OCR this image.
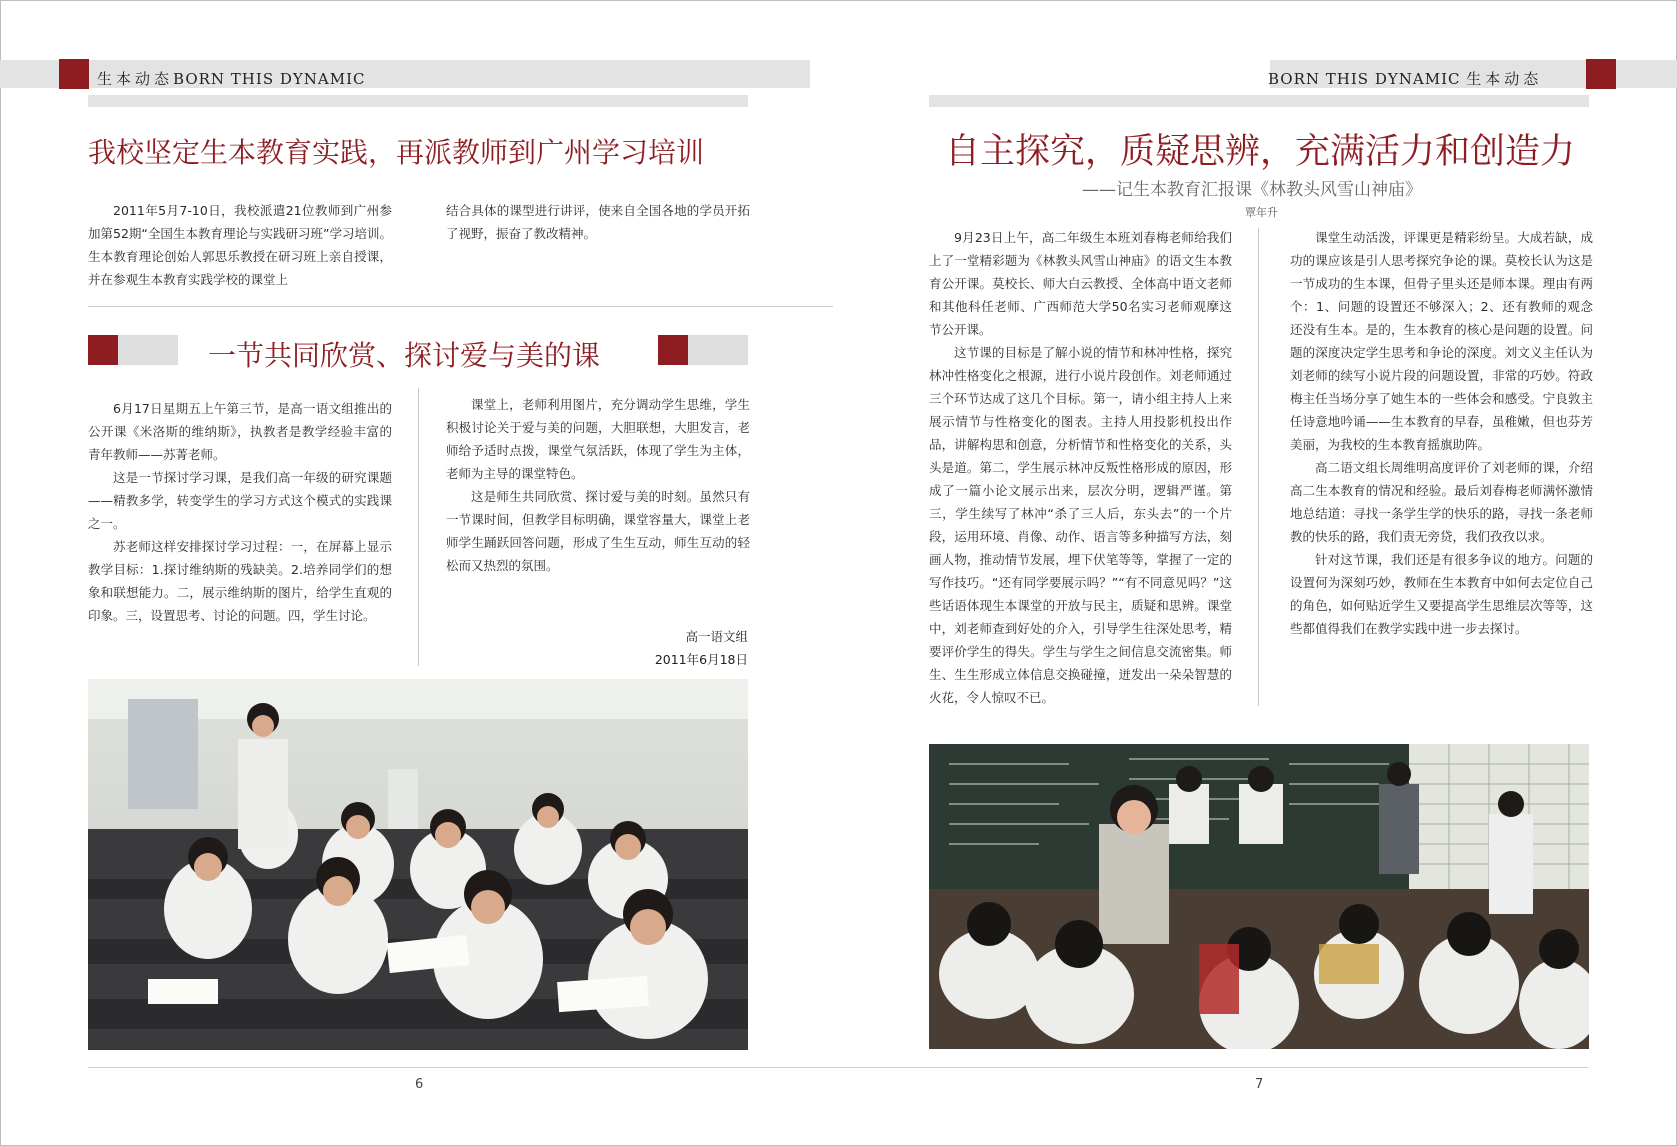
生本动态BORN THIS DYNAMIC	BORN THIS DYNAMIC 生本动态
我校坚定生本教育实践，再派教师到广州学习培训

2011年5月7-10日，我校派遣21位教师到广州参加第52期“全国生本教育理论与实践研习班”学习培训。生本教育理论创始人郭思乐教授在研习班上亲自授课，并在参观生本教育实践学校的课堂上

结合具体的课型进行讲评，使来自全国各地的学员开拓了视野，振奋了教改精神。

一节共同欣赏、探讨爱与美的课

6月17日星期五上午第三节，是高一语文组推出的公开课《米洛斯的维纳斯》，执教者是教学经验丰富的青年教师——苏菁老师。

这是一节探讨学习课，是我们高一年级的研究课题——精教多学，转变学生的学习方式这个模式的实践课之一。

苏老师这样安排探讨学习过程：一，在屏幕上显示教学目标：1.探讨维纳斯的残缺美。2.培养同学们的想象和联想能力。二，展示维纳斯的图片，给学生直观的印象。三，设置思考、讨论的问题。四，学生讨论。

课堂上，老师利用图片，充分调动学生思维，学生积极讨论关于爱与美的问题，大胆联想，大胆发言，老师给予适时点拨，课堂气氛活跃，体现了学生为主体，老师为主导的课堂特色。

这是师生共同欣赏、探讨爱与美的时刻。虽然只有一节课时间，但教学目标明确，课堂容量大，课堂上老师学生踊跃回答问题，形成了生生互动，师生互动的轻松而又热烈的氛围。

高一语文组
2011年6月18日
6
自主探究，质疑思辨，充满活力和创造力
——记生本教育汇报课《林教头风雪山神庙》
覃年升

9月23日上午，高二年级生本班刘春梅老师给我们上了一堂精彩题为《林教头风雪山神庙》的语文生本教育公开课。莫校长、师大白云教授、全体高中语文老师和其他科任老师、广西师范大学50名实习老师观摩这节公开课。

这节课的目标是了解小说的情节和林冲性格，探究林冲性格变化之根源，进行小说片段创作。刘老师通过三个环节达成了这几个目标。第一，请小组主持人上来展示情节与性格变化的图表。主持人用投影机投出作品，讲解构思和创意，分析情节和性格变化的关系，头头是道。第二，学生展示林冲反叛性格形成的原因，形成了一篇小论文展示出来，层次分明，逻辑严谨。第三，学生续写了林冲“杀了三人后，东头去”的一个片段，运用环境、肖像、动作、语言等多种描写方法，刻画人物，推动情节发展，埋下伏笔等等，掌握了一定的写作技巧。“还有同学要展示吗？”“有不同意见吗？”这些话语体现生本课堂的开放与民主，质疑和思辨。课堂中，刘老师查到好处的介入，引导学生往深处思考，精要评价学生的得失。学生与学生之间信息交流密集。师生、生生形成立体信息交换碰撞，迸发出一朵朵智慧的火花，令人惊叹不已。

课堂生动活泼，评课更是精彩纷呈。大成若缺，成功的课应该是引人思考探究争论的课。莫校长认为这是一节成功的生本课，但骨子里头还是师本课。理由有两个：1、问题的设置还不够深入；2、还有教师的观念还没有生本。是的，生本教育的核心是问题的设置。问题的深度决定学生思考和争论的深度。刘文义主任认为刘老师的续写小说片段的问题设置，非常的巧妙。符政梅主任当场分享了她生本的一些体会和感受。宁良敦主任诗意地吟诵——生本教育的早春，虽稚嫩，但也芬芳美丽，为我校的生本教育摇旗助阵。

高二语文组长周维明高度评价了刘老师的课，介绍高二生本教育的情况和经验。最后刘春梅老师满怀激情地总结道：寻找一条学生学的快乐的路，寻找一条老师教的快乐的路，我们责无旁贷，我们孜孜以求。

针对这节课，我们还是有很多争议的地方。问题的设置何为深刻巧妙，教师在生本教育中如何去定位自己的角色，如何贴近学生又要提高学生思维层次等等，这些都值得我们在教学实践中进一步去探讨。

7
